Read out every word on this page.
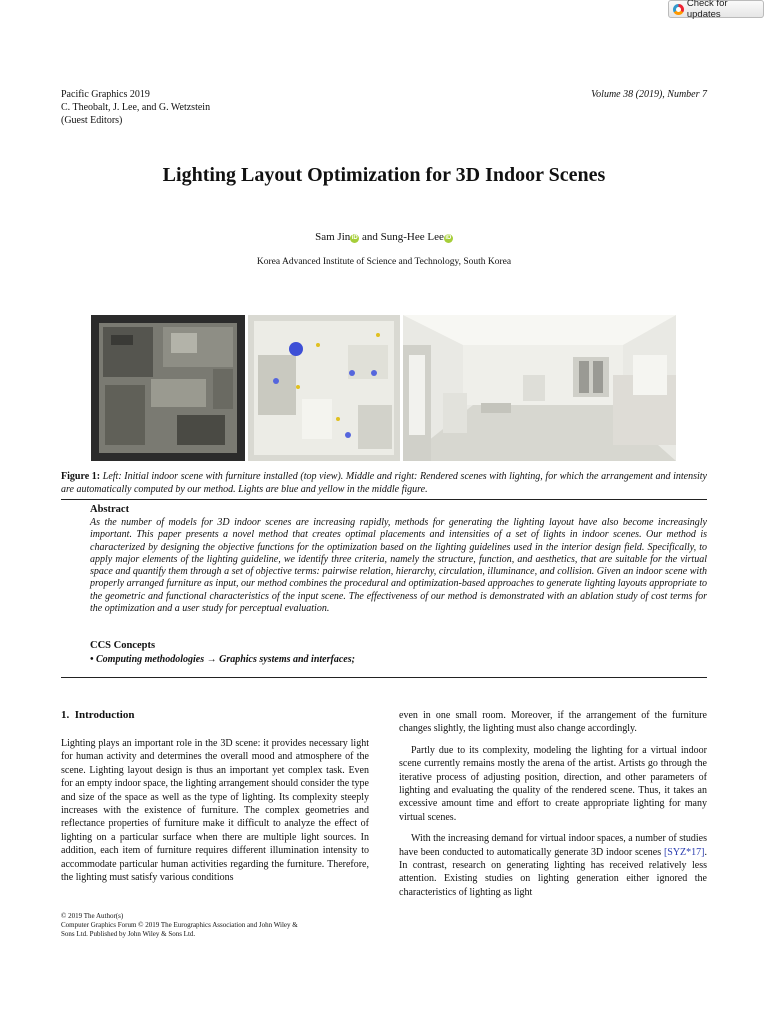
Check for updates
Pacific Graphics 2019
C. Theobalt, J. Lee, and G. Wetzstein
(Guest Editors)
Volume 38 (2019), Number 7
Lighting Layout Optimization for 3D Indoor Scenes
Sam Jin iD and Sung-Hee Lee iD
Korea Advanced Institute of Science and Technology, South Korea
Figure 1: Left: Initial indoor scene with furniture installed (top view). Middle and right: Rendered scenes with lighting, for which the arrangement and intensity are automatically computed by our method. Lights are blue and yellow in the middle figure.
Abstract
As the number of models for 3D indoor scenes are increasing rapidly, methods for generating the lighting layout have also become increasingly important. This paper presents a novel method that creates optimal placements and intensities of a set of lights in indoor scenes. Our method is characterized by designing the objective functions for the optimization based on the lighting guidelines used in the interior design field. Specifically, to apply major elements of the lighting guideline, we identify three criteria, namely the structure, function, and aesthetics, that are suitable for the virtual space and quantify them through a set of objective terms: pairwise relation, hierarchy, circulation, illuminance, and collision. Given an indoor scene with properly arranged furniture as input, our method combines the procedural and optimization-based approaches to generate lighting layouts appropriate to the geometric and functional characteristics of the input scene. The effectiveness of our method is demonstrated with an ablation study of cost terms for the optimization and a user study for perceptual evaluation.
CCS Concepts
• Computing methodologies → Graphics systems and interfaces;
1. Introduction

Lighting plays an important role in the 3D scene: it provides necessary light for human activity and determines the overall mood and atmosphere of the scene. Lighting layout design is thus an important yet complex task. Even for an empty indoor space, the lighting arrangement should consider the type and size of the space as well as the type of lighting. Its complexity steeply increases with the existence of furniture. The complex geometries and reflectance properties of furniture make it difficult to analyze the effect of lighting on a particular surface when there are multiple light sources. In addition, each item of furniture requires different illumination intensity to accommodate particular human activities regarding the furniture. Therefore, the lighting must satisfy various conditions

even in one small room. Moreover, if the arrangement of the furniture changes slightly, the lighting must also change accordingly.

Partly due to its complexity, modeling the lighting for a virtual indoor scene currently remains mostly the arena of the artist. Artists go through the iterative process of adjusting position, direction, and other parameters of lighting and evaluating the quality of the rendered scene. Thus, it takes an excessive amount time and effort to create appropriate lighting for many virtual scenes.

With the increasing demand for virtual indoor spaces, a number of studies have been conducted to automatically generate 3D indoor scenes [SYZ*17]. In contrast, research on generating lighting has received relatively less attention. Existing studies on lighting generation either ignored the characteristics of lighting as light

© 2019 The Author(s)
Computer Graphics Forum © 2019 The Eurographics Association and John Wiley & Sons Ltd. Published by John Wiley & Sons Ltd.
